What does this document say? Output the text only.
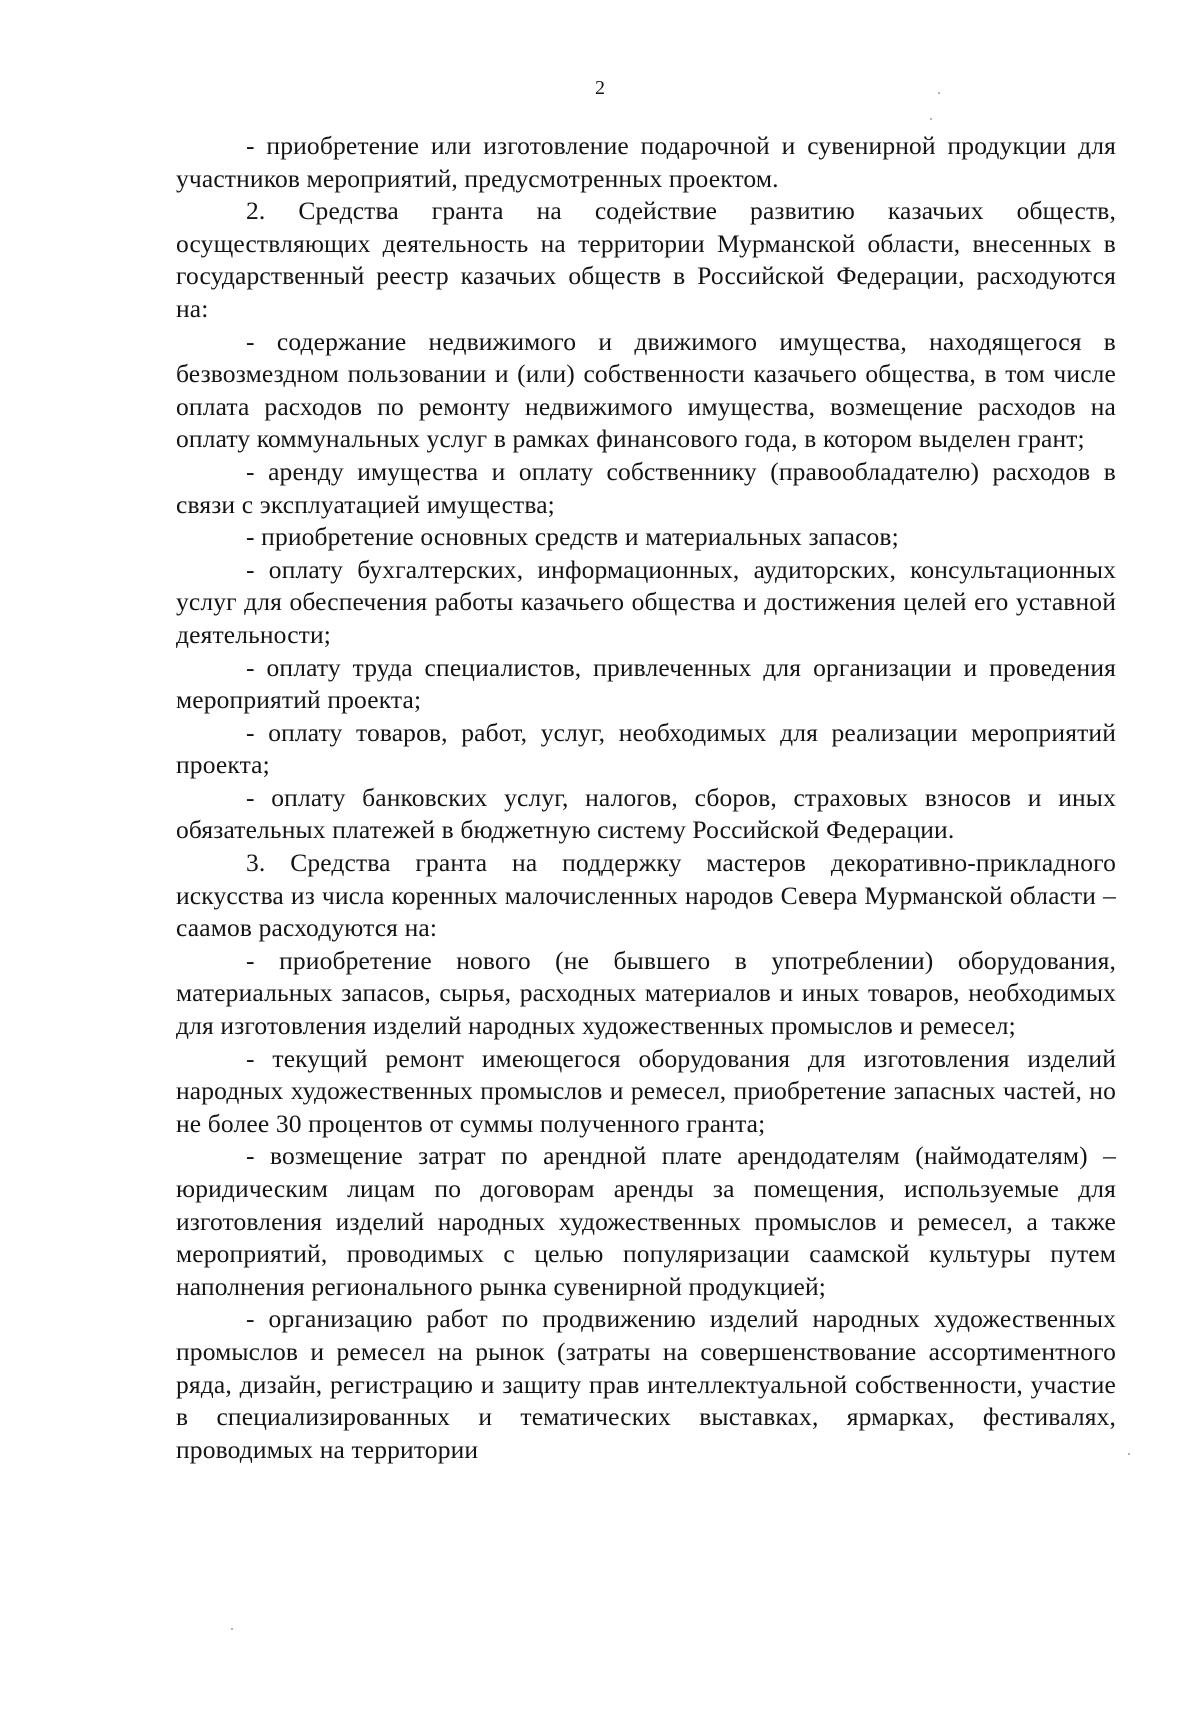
2

- приобретение или изготовление подарочной и сувенирной продукции для участников мероприятий, предусмотренных проектом.

2. Средства гранта на содействие развитию казачьих обществ, осуществляющих деятельность на территории Мурманской области, внесенных в государственный реестр казачьих обществ в Российской Федерации, расходуются на:

- содержание недвижимого и движимого имущества, находящегося в безвозмездном пользовании и (или) собственности казачьего общества, в том числе оплата расходов по ремонту недвижимого имущества, возмещение расходов на оплату коммунальных услуг в рамках финансового года, в котором выделен грант;

- аренду имущества и оплату собственнику (правообладателю) расходов в связи с эксплуатацией имущества;

- приобретение основных средств и материальных запасов;

- оплату бухгалтерских, информационных, аудиторских, консультационных услуг для обеспечения работы казачьего общества и достижения целей его уставной деятельности;

- оплату труда специалистов, привлеченных для организации и проведения мероприятий проекта;

- оплату товаров, работ, услуг, необходимых для реализации мероприятий проекта;

- оплату банковских услуг, налогов, сборов, страховых взносов и иных обязательных платежей в бюджетную систему Российской Федерации.

3. Средства гранта на поддержку мастеров декоративно-прикладного искусства из числа коренных малочисленных народов Севера Мурманской области – саамов расходуются на:

- приобретение нового (не бывшего в употреблении) оборудования, материальных запасов, сырья, расходных материалов и иных товаров, необходимых для изготовления изделий народных художественных промыслов и ремесел;

- текущий ремонт имеющегося оборудования для изготовления изделий народных художественных промыслов и ремесел, приобретение запасных частей, но не более 30 процентов от суммы полученного гранта;

- возмещение затрат по арендной плате арендодателям (наймодателям) – юридическим лицам по договорам аренды за помещения, используемые для изготовления изделий народных художественных промыслов и ремесел, а также мероприятий, проводимых с целью популяризации саамской культуры путем наполнения регионального рынка сувенирной продукцией;

- организацию работ по продвижению изделий народных художественных промыслов и ремесел на рынок (затраты на совершенствование ассортиментного ряда, дизайн, регистрацию и защиту прав интеллектуальной собственности, участие в специализированных и тематических выставках, ярмарках, фестивалях, проводимых на территории
